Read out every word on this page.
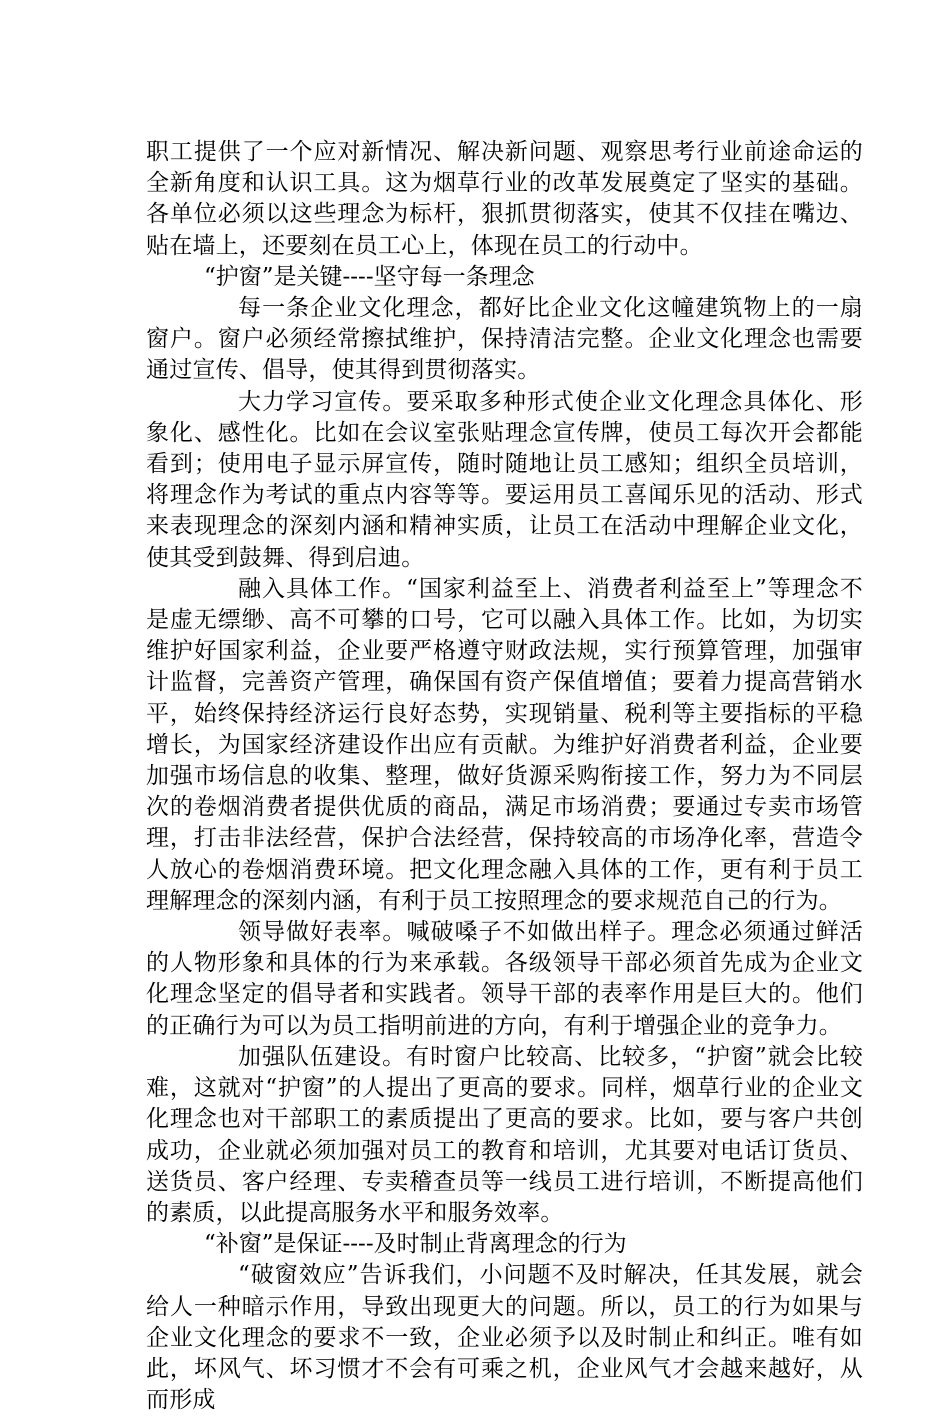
职工提供了一个应对新情况、解决新问题、观察思考行业前途命运的全新角度和认识工具。这为烟草行业的改革发展奠定了坚实的基础。各单位必须以这些理念为标杆，狠抓贯彻落实，使其不仅挂在嘴边、贴在墙上，还要刻在员工心上，体现在员工的行动中。

“护窗”是关键----坚守每一条理念

每一条企业文化理念，都好比企业文化这幢建筑物上的一扇窗户。窗户必须经常擦拭维护，保持清洁完整。企业文化理念也需要通过宣传、倡导，使其得到贯彻落实。

大力学习宣传。要采取多种形式使企业文化理念具体化、形象化、感性化。比如在会议室张贴理念宣传牌，使员工每次开会都能看到；使用电子显示屏宣传，随时随地让员工感知；组织全员培训，将理念作为考试的重点内容等等。要运用员工喜闻乐见的活动、形式来表现理念的深刻内涵和精神实质，让员工在活动中理解企业文化，使其受到鼓舞、得到启迪。

融入具体工作。“国家利益至上、消费者利益至上”等理念不是虚无缥缈、高不可攀的口号，它可以融入具体工作。比如，为切实维护好国家利益，企业要严格遵守财政法规，实行预算管理，加强审计监督，完善资产管理，确保国有资产保值增值；要着力提高营销水平，始终保持经济运行良好态势，实现销量、税利等主要指标的平稳增长，为国家经济建设作出应有贡献。为维护好消费者利益，企业要加强市场信息的收集、整理，做好货源采购衔接工作，努力为不同层次的卷烟消费者提供优质的商品，满足市场消费；要通过专卖市场管理，打击非法经营，保护合法经营，保持较高的市场净化率，营造令人放心的卷烟消费环境。把文化理念融入具体的工作，更有利于员工理解理念的深刻内涵，有利于员工按照理念的要求规范自己的行为。

领导做好表率。喊破嗓子不如做出样子。理念必须通过鲜活的人物形象和具体的行为来承载。各级领导干部必须首先成为企业文化理念坚定的倡导者和实践者。领导干部的表率作用是巨大的。他们的正确行为可以为员工指明前进的方向，有利于增强企业的竞争力。

加强队伍建设。有时窗户比较高、比较多，“护窗”就会比较难，这就对“护窗”的人提出了更高的要求。同样，烟草行业的企业文化理念也对干部职工的素质提出了更高的要求。比如，要与客户共创成功，企业就必须加强对员工的教育和培训，尤其要对电话订货员、送货员、客户经理、专卖稽查员等一线员工进行培训，不断提高他们的素质，以此提高服务水平和服务效率。

“补窗”是保证----及时制止背离理念的行为

“破窗效应”告诉我们，小问题不及时解决，任其发展，就会给人一种暗示作用，导致出现更大的问题。所以，员工的行为如果与企业文化理念的要求不一致，企业必须予以及时制止和纠正。唯有如此，坏风气、坏习惯才不会有可乘之机，企业风气才会越来越好，从而形成
